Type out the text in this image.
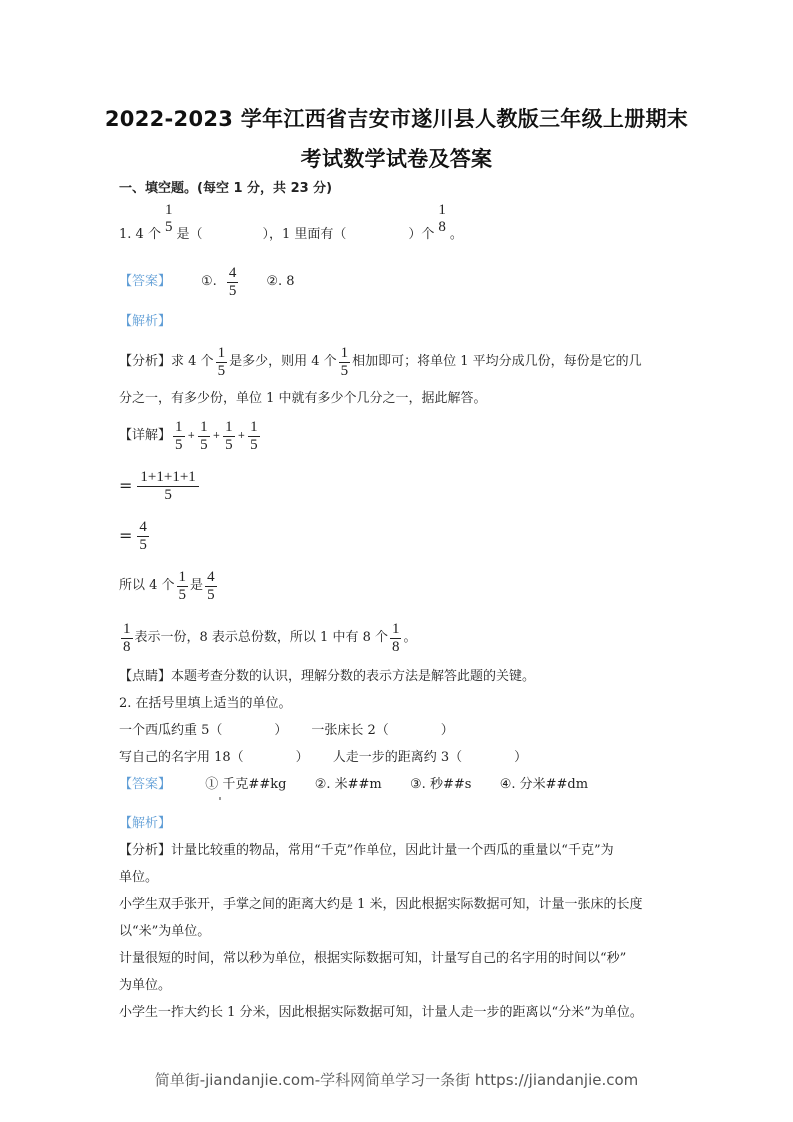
2022-2023 学年江西省吉安市遂川县人教版三年级上册期末
考试数学试卷及答案
一、填空题。(每空 1 分，共 23 分)
1. 4 个
1
5 是（	），1 里面有（	）个
1
8 。
【答案】 ①. $\frac{4}{5}$ ②. 8
【解析】
【分析】 求 4 个 $\frac{1}{5}$ 是多少，则用 4 个 $\frac{1}{5}$ 相加即可；将单位 1 平均分成几份，每份是它的几
分之一，有多少份，单位 1 中就有多少个几分之一，据此解答。
【详解】 $\frac{1}{5} + \frac{1}{5} + \frac{1}{5} + \frac{1}{5}$
= $\frac{1+1+1+1}{5}$
= $\frac{4}{5}$
所以 4 个 $\frac{1}{5}$ 是 $\frac{4}{5}$
$\frac{1}{8}$ 表示一份，8 表示总份数，所以 1 中有 8 个 $\frac{1}{8}$ 。
【点睛】本题考查分数的认识，理解分数的表示方法是解答此题的关键。
2. 在括号里填上适当的单位。
一个西瓜约重 5（　　　　） 一张床长 2（　　　　）
写自己的名字用 18（　　　　） 人走一步的距离约 3（　　　　）
【答案】	① 千克##kg ②. 米##m ③. 秒##s ④. 分米##dm
【解析】
【分析】计量比较重的物品，常用“千克”作单位，因此计量一个西瓜的重量以“千克”为
单位。
小学生双手张开，手掌之间的距离大约是 1 米，因此根据实际数据可知，计量一张床的长度
以“米”为单位。
计量很短的时间，常以秒为单位，根据实际数据可知，计量写自己的名字用的时间以“秒”
为单位。
小学生一拃大约长 1 分米，因此根据实际数据可知，计量人走一步的距离以“分米”为单位。
简单街-jiandanjie.com-学科网简单学习一条街 https://jiandanjie.com
